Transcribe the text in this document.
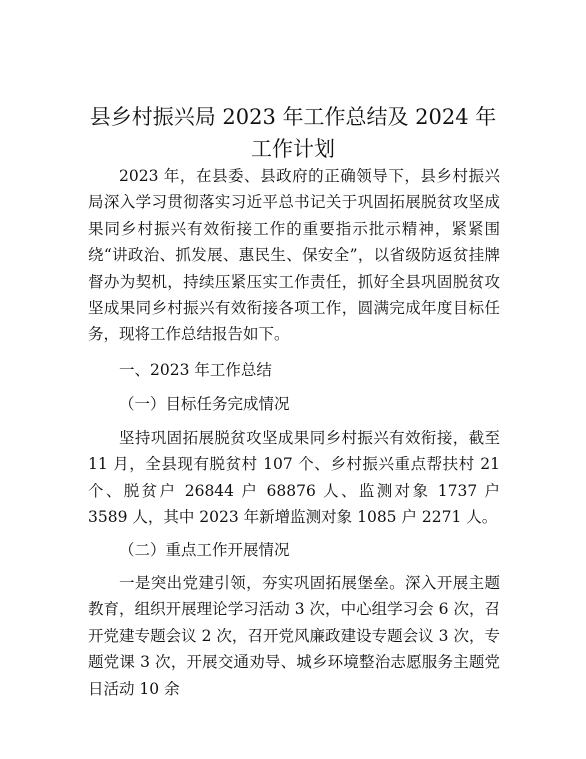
县乡村振兴局 2023 年工作总结及 2024 年工作计划

2023 年，在县委、县政府的正确领导下，县乡村振兴局深入学习贯彻落实习近平总书记关于巩固拓展脱贫攻坚成果同乡村振兴有效衔接工作的重要指示批示精神，紧紧围绕“讲政治、抓发展、惠民生、保安全”，以省级防返贫挂牌督办为契机，持续压紧压实工作责任，抓好全县巩固脱贫攻坚成果同乡村振兴有效衔接各项工作，圆满完成年度目标任务，现将工作总结报告如下。

一、2023 年工作总结

（一）目标任务完成情况

坚持巩固拓展脱贫攻坚成果同乡村振兴有效衔接，截至 11 月，全县现有脱贫村 107 个、乡村振兴重点帮扶村 21 个、脱贫户 26844 户 68876 人、监测对象 1737 户 3589 人，其中 2023 年新增监测对象 1085 户 2271 人。

（二）重点工作开展情况

一是突出党建引领，夯实巩固拓展堡垒。深入开展主题教育，组织开展理论学习活动 3 次，中心组学习会 6 次，召开党建专题会议 2 次，召开党风廉政建设专题会议 3 次，专题党课 3 次，开展交通劝导、城乡环境整治志愿服务主题党日活动 10 余
